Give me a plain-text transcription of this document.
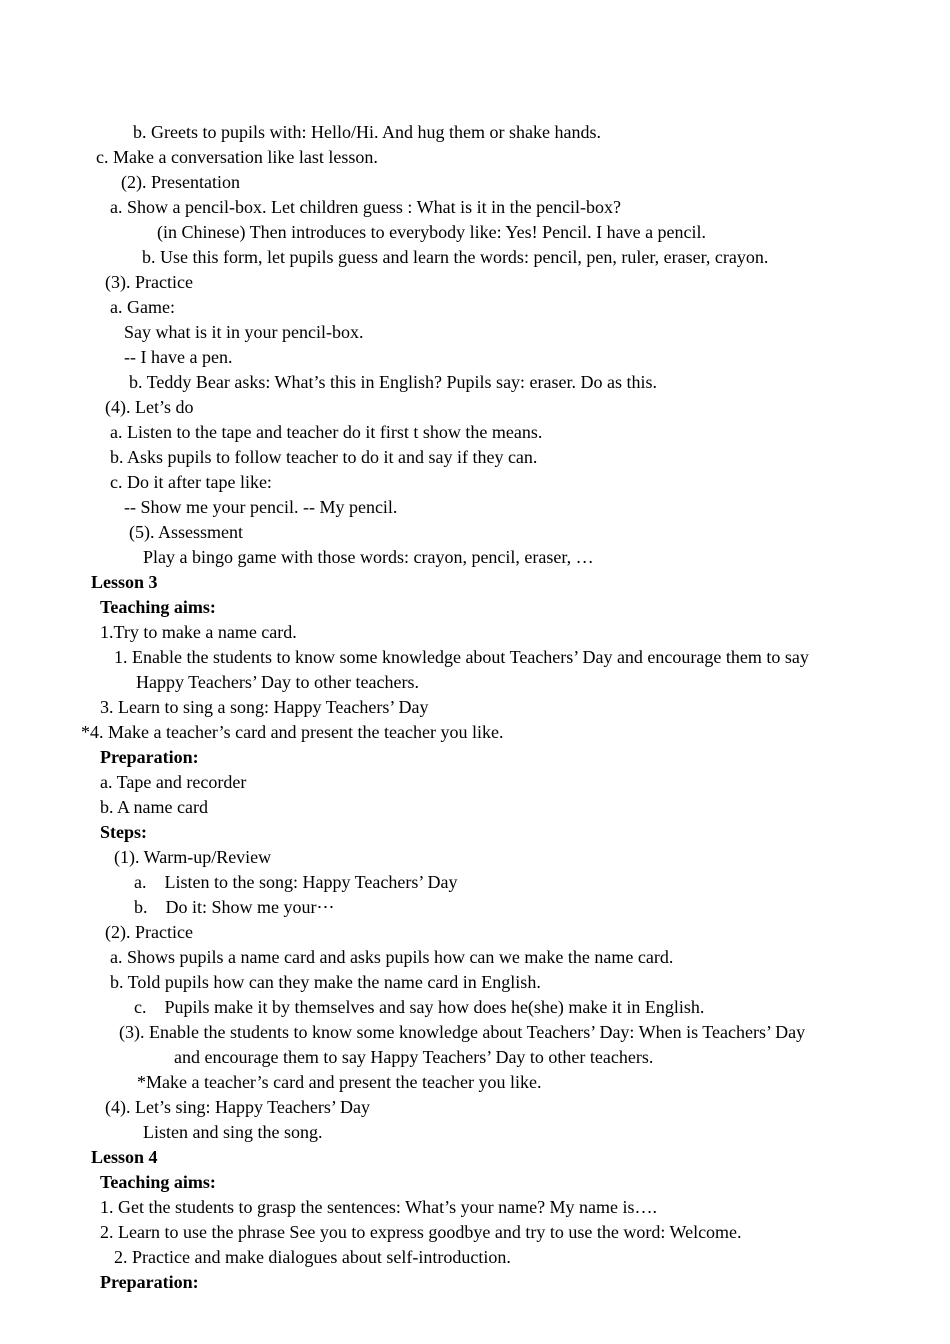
b. Greets to pupils with: Hello/Hi. And hug them or shake hands.
c. Make a conversation like last lesson.
(2). Presentation
a. Show a pencil-box. Let children guess : What is it in the pencil-box?
(in Chinese) Then introduces to everybody like: Yes! Pencil. I have a pencil.
b. Use this form, let pupils guess and learn the words: pencil, pen, ruler, eraser, crayon.
(3). Practice
a. Game:
Say what is it in your pencil-box.
-- I have a pen.
b. Teddy Bear asks: What’s this in English? Pupils say: eraser. Do as this.
(4). Let’s do
a. Listen to the tape and teacher do it first t show the means.
b. Asks pupils to follow teacher to do it and say if they can.
c. Do it after tape like:
-- Show me your pencil. -- My pencil.
(5). Assessment
Play a bingo game with those words: crayon, pencil, eraser, …
Lesson 3
Teaching aims:
1.Try to make a name card.
1. Enable the students to know some knowledge about Teachers’ Day and encourage them to say
Happy Teachers’ Day to other teachers.
3. Learn to sing a song: Happy Teachers’ Day
*4. Make a teacher’s card and present the teacher you like.
Preparation:
a. Tape and recorder
b. A name card
Steps:
(1). Warm-up/Review
a.    Listen to the song: Happy Teachers’ Day
b.    Do it: Show me your⋯
(2). Practice
a. Shows pupils a name card and asks pupils how can we make the name card.
b. Told pupils how can they make the name card in English.
c.    Pupils make it by themselves and say how does he(she) make it in English.
(3). Enable the students to know some knowledge about Teachers’ Day: When is Teachers’ Day
and encourage them to say Happy Teachers’ Day to other teachers.
*Make a teacher’s card and present the teacher you like.
(4). Let’s sing: Happy Teachers’ Day
Listen and sing the song.
Lesson 4
Teaching aims:
1. Get the students to grasp the sentences: What’s your name? My name is….
2. Learn to use the phrase See you to express goodbye and try to use the word: Welcome.
2. Practice and make dialogues about self-introduction.
Preparation:
